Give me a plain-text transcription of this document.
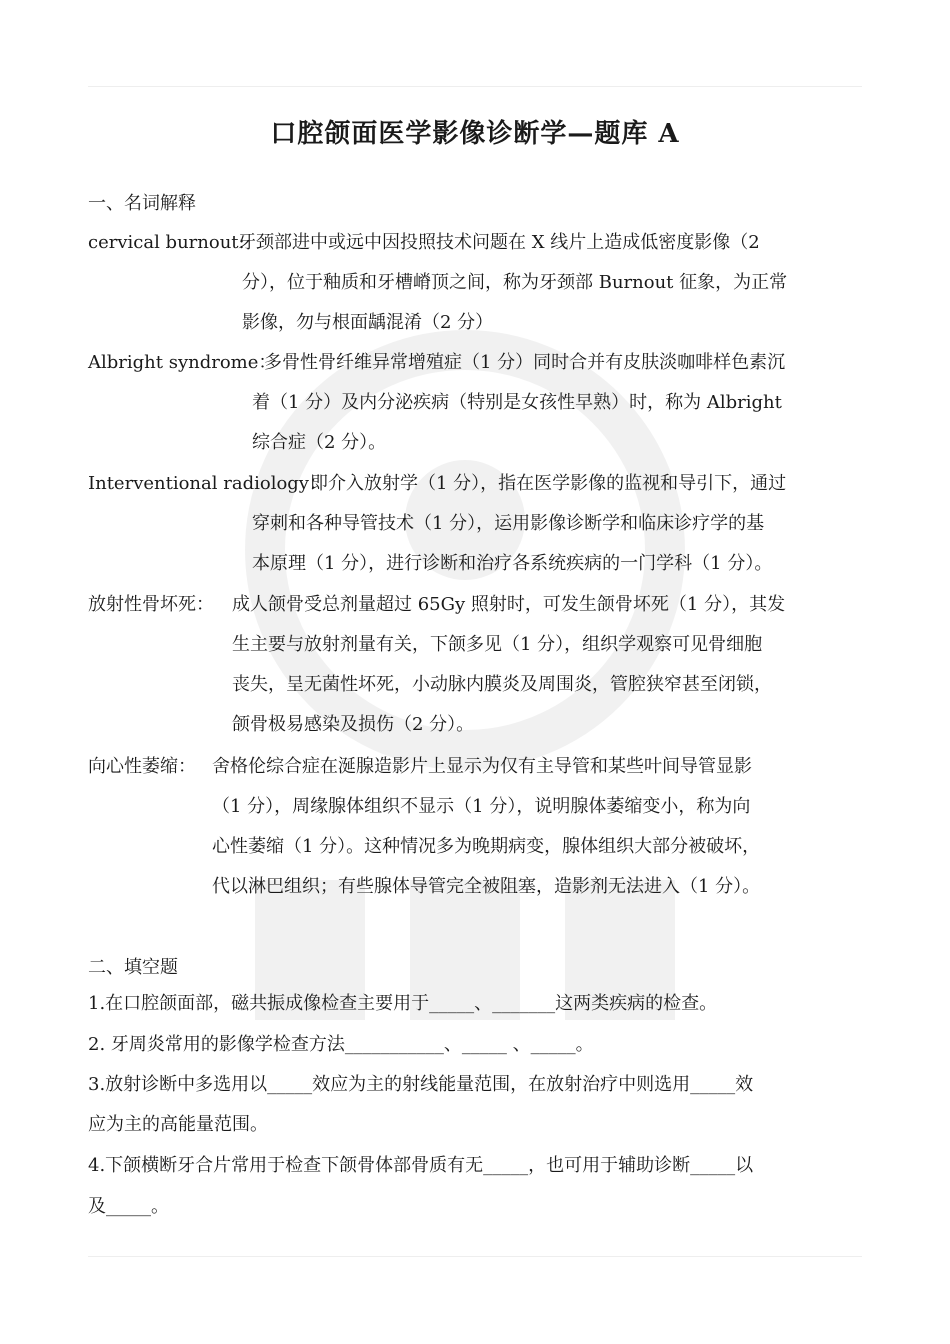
口腔颌面医学影像诊断学—题库 A
一、名词解释
cervical burnout:
牙颈部进中或远中因投照技术问题在 X 线片上造成低密度影像（2
分），位于釉质和牙槽嵴顶之间，称为牙颈部 Burnout 征象，为正常
影像，勿与根面龋混淆（2 分）
Albright syndrome：
多骨性骨纤维异常增殖症（1 分）同时合并有皮肤淡咖啡样色素沉
着（1 分）及内分泌疾病（特别是女孩性早熟）时，称为 Albright
综合症（2 分）。
Interventional radiology：
即介入放射学（1 分），指在医学影像的监视和导引下，通过
穿刺和各种导管技术（1 分），运用影像诊断学和临床诊疗学的基
本原理（1 分），进行诊断和治疗各系统疾病的一门学科（1 分）。
放射性骨坏死： 成人颌骨受总剂量超过 65Gy 照射时，可发生颌骨坏死（1 分），其发
生主要与放射剂量有关，下颌多见（1 分），组织学观察可见骨细胞
丧失，呈无菌性坏死，小动脉内膜炎及周围炎，管腔狭窄甚至闭锁，
颌骨极易感染及损伤（2 分）。
向心性萎缩： 舍格伦综合症在涎腺造影片上显示为仅有主导管和某些叶间导管显影
（1 分），周缘腺体组织不显示（1 分），说明腺体萎缩变小，称为向
心性萎缩（1 分）。这种情况多为晚期病变，腺体组织大部分被破坏，
代以淋巴组织；有些腺体导管完全被阻塞，造影剂无法进入（1 分）。
二、填空题
1.在口腔颌面部，磁共振成像检查主要用于_____、_______这两类疾病的检查。
2. 牙周炎常用的影像学检查方法___________、_____ 、_____。
3.放射诊断中多选用以_____效应为主的射线能量范围，在放射治疗中则选用_____效
应为主的高能量范围。
4.下颌横断牙合片常用于检查下颌骨体部骨质有无_____，也可用于辅助诊断_____以
及_____。
